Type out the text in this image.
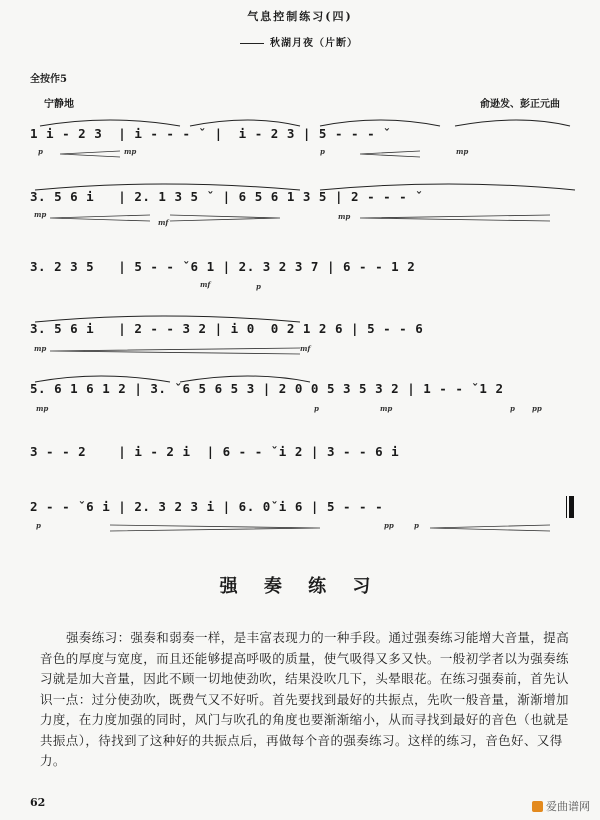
气息控制练习(四)
秋湖月夜（片断）
全按作5
宁静地	俞逊发、彭正元曲
1 i - 2 3  | i - - - ˇ |  i - 2 3 | 5 - - - ˇ
3. 5 6 i   | 2. 1 3 5 ˇ | 6 5 6 1 3 5 | 2 - - - ˇ
3. 2 3 5   | 5 - - ˇ6 1 | 2. 3 2 3 7 | 6 - - 1 2
3. 5 6 i   | 2 - - 3 2 | i 0  0 2 1 2 6 | 5 - - 6
5. 6 1 6 1 2 | 3. ˇ6 5 6 5 3 | 2 0 0 5 3 5 3 2 | 1 - - ˇ1 2
3 - - 2    | i - 2 i  | 6 - - ˇi 2 | 3 - - 6 i
2 - - ˇ6 i | 2. 3 2 3 i | 6. 0ˇi 6 | 5 - - -
p	mp	p	mp
mp
mf
mp
mf	p
mp	mf
mp	p	mp	p pp
p	pp	p
强 奏 练 习
强奏练习：强奏和弱奏一样，是丰富表现力的一种手段。通过强奏练习能增大音量，提高音色的厚度与宽度，而且还能够提高呼吸的质量，使气吸得又多又快。一般初学者以为强奏练习就是加大音量，因此不顾一切地使劲吹，结果没吹几下，头晕眼花。在练习强奏前，首先认识一点：过分使劲吹，既费气又不好听。首先要找到最好的共振点，先吹一般音量，渐渐增加力度，在力度加强的同时，风门与吹孔的角度也要渐渐缩小，从而寻找到最好的音色（也就是共振点），待找到了这种好的共振点后，再做每个音的强奏练习。这样的练习，音色好、又得力。
62	爱曲谱网
